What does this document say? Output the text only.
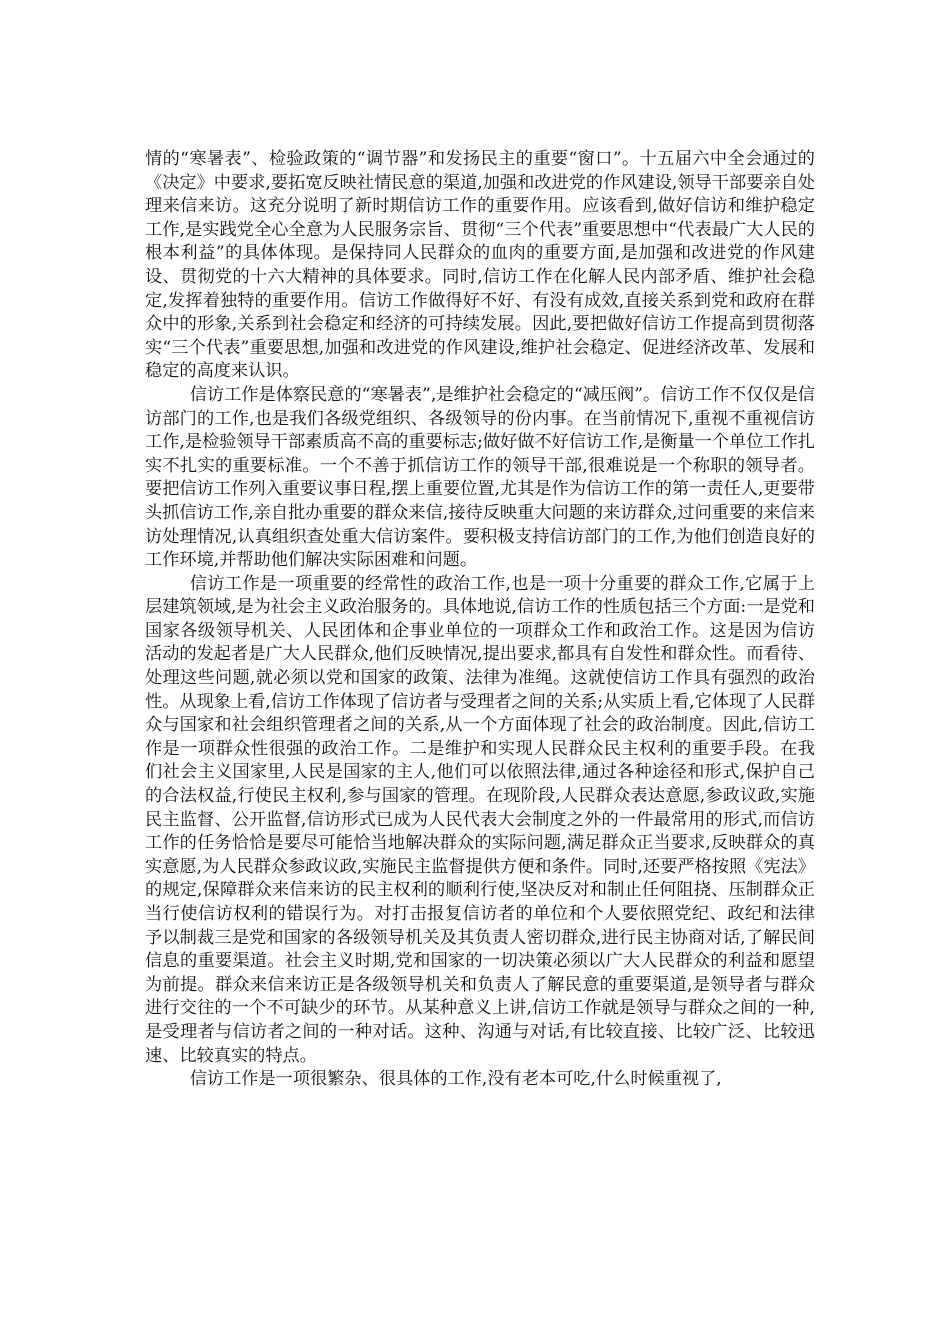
情的“寒暑表”、检验政策的“调节器”和发扬民主的重要“窗口”。十五届六中全会通过的《决定》中要求,要拓宽反映社情民意的渠道,加强和改进党的作风建设,领导干部要亲自处理来信来访。这充分说明了新时期信访工作的重要作用。应该看到,做好信访和维护稳定工作,是实践党全心全意为人民服务宗旨、贯彻“三个代表”重要思想中“代表最广大人民的根本利益”的具体体现。是保持同人民群众的血肉的重要方面,是加强和改进党的作风建设、贯彻党的十六大精神的具体要求。同时,信访工作在化解人民内部矛盾、维护社会稳定,发挥着独特的重要作用。信访工作做得好不好、有没有成效,直接关系到党和政府在群众中的形象,关系到社会稳定和经济的可持续发展。因此,要把做好信访工作提高到贯彻落实“三个代表”重要思想,加强和改进党的作风建设,维护社会稳定、促进经济改革、发展和稳定的高度来认识。

信访工作是体察民意的“寒暑表”,是维护社会稳定的“减压阀”。信访工作不仅仅是信访部门的工作,也是我们各级党组织、各级领导的份内事。在当前情况下,重视不重视信访工作,是检验领导干部素质高不高的重要标志;做好做不好信访工作,是衡量一个单位工作扎实不扎实的重要标准。一个不善于抓信访工作的领导干部,很难说是一个称职的领导者。要把信访工作列入重要议事日程,摆上重要位置,尤其是作为信访工作的第一责任人,更要带头抓信访工作,亲自批办重要的群众来信,接待反映重大问题的来访群众,过问重要的来信来访处理情况,认真组织查处重大信访案件。要积极支持信访部门的工作,为他们创造良好的工作环境,并帮助他们解决实际困难和问题。

信访工作是一项重要的经常性的政治工作,也是一项十分重要的群众工作,它属于上层建筑领域,是为社会主义政治服务的。具体地说,信访工作的性质包括三个方面:一是党和国家各级领导机关、人民团体和企事业单位的一项群众工作和政治工作。这是因为信访活动的发起者是广大人民群众,他们反映情况,提出要求,都具有自发性和群众性。而看待、处理这些问题,就必须以党和国家的政策、法律为准绳。这就使信访工作具有强烈的政治性。从现象上看,信访工作体现了信访者与受理者之间的关系;从实质上看,它体现了人民群众与国家和社会组织管理者之间的关系,从一个方面体现了社会的政治制度。因此,信访工作是一项群众性很强的政治工作。二是维护和实现人民群众民主权利的重要手段。在我们社会主义国家里,人民是国家的主人,他们可以依照法律,通过各种途径和形式,保护自己的合法权益,行使民主权利,参与国家的管理。在现阶段,人民群众表达意愿,参政议政,实施民主监督、公开监督,信访形式已成为人民代表大会制度之外的一件最常用的形式,而信访工作的任务恰恰是要尽可能恰当地解决群众的实际问题,满足群众正当要求,反映群众的真实意愿,为人民群众参政议政,实施民主监督提供方便和条件。同时,还要严格按照《宪法》的规定,保障群众来信来访的民主权利的顺利行使,坚决反对和制止任何阻挠、压制群众正当行使信访权利的错误行为。对打击报复信访者的单位和个人要依照党纪、政纪和法律予以制裁三是党和国家的各级领导机关及其负责人密切群众,进行民主协商对话,了解民间信息的重要渠道。社会主义时期,党和国家的一切决策必须以广大人民群众的利益和愿望为前提。群众来信来访正是各级领导机关和负责人了解民意的重要渠道,是领导者与群众进行交往的一个不可缺少的环节。从某种意义上讲,信访工作就是领导与群众之间的一种,是受理者与信访者之间的一种对话。这种、沟通与对话,有比较直接、比较广泛、比较迅速、比较真实的特点。

信访工作是一项很繁杂、很具体的工作,没有老本可吃,什么时候重视了,
